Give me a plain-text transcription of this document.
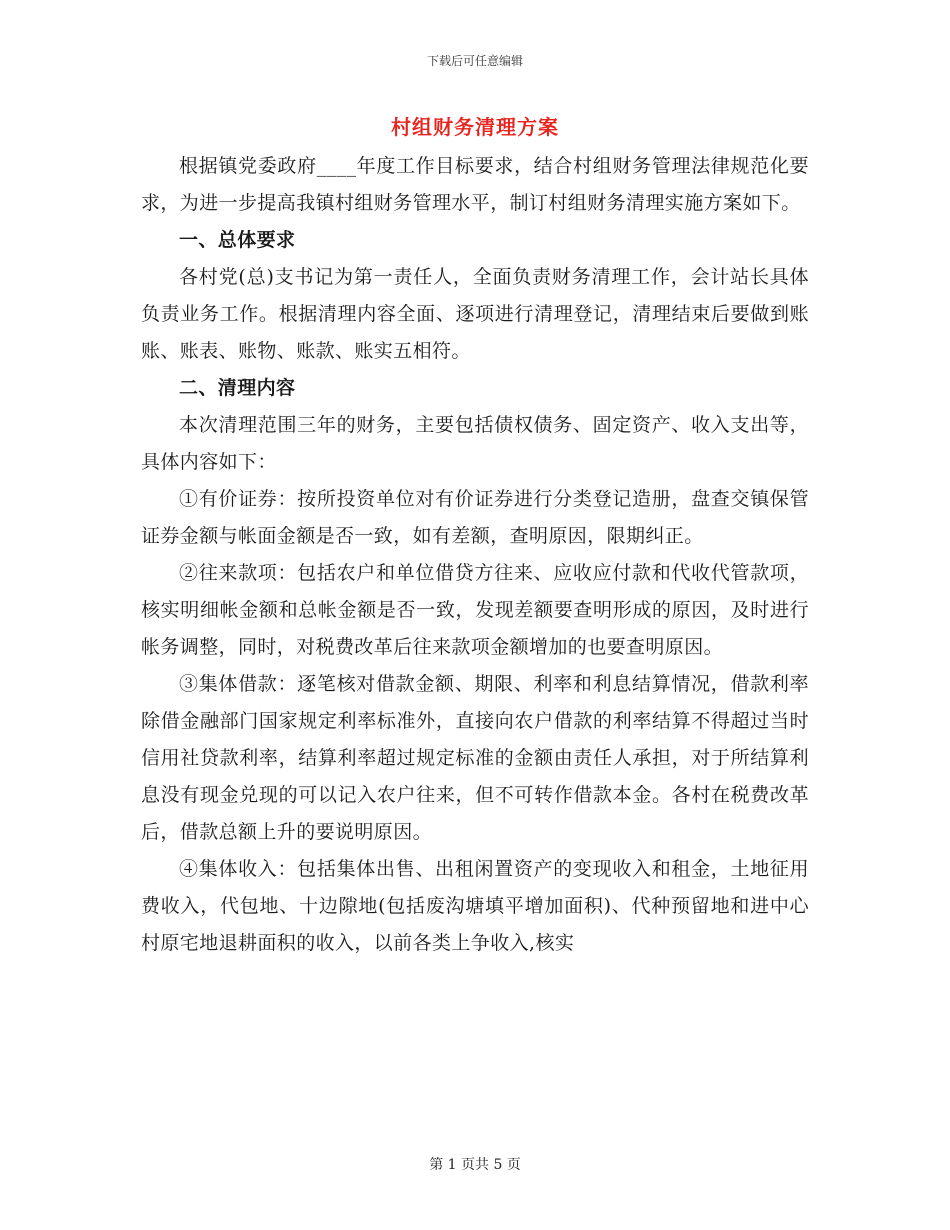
下载后可任意编辑
村组财务清理方案

根据镇党委政府____年度工作目标要求，结合村组财务管理法律规范化要求，为进一步提高我镇村组财务管理水平，制订村组财务清理实施方案如下。

一、总体要求

各村党(总)支书记为第一责任人，全面负责财务清理工作，会计站长具体负责业务工作。根据清理内容全面、逐项进行清理登记，清理结束后要做到账账、账表、账物、账款、账实五相符。

二、清理内容

本次清理范围三年的财务，主要包括债权债务、固定资产、收入支出等，具体内容如下：

①有价证券：按所投资单位对有价证券进行分类登记造册，盘查交镇保管证券金额与帐面金额是否一致，如有差额，查明原因，限期纠正。

②往来款项：包括农户和单位借贷方往来、应收应付款和代收代管款项，核实明细帐金额和总帐金额是否一致，发现差额要查明形成的原因，及时进行帐务调整，同时，对税费改革后往来款项金额增加的也要查明原因。

③集体借款：逐笔核对借款金额、期限、利率和利息结算情况，借款利率除借金融部门国家规定利率标准外，直接向农户借款的利率结算不得超过当时信用社贷款利率，结算利率超过规定标准的金额由责任人承担，对于所结算利息没有现金兑现的可以记入农户往来，但不可转作借款本金。各村在税费改革后，借款总额上升的要说明原因。

④集体收入：包括集体出售、出租闲置资产的变现收入和租金，土地征用费收入，代包地、十边隙地(包括废沟塘填平增加面积)、代种预留地和进中心村原宅地退耕面积的收入，以前各类上争收入,核实

第 1 页共 5 页
